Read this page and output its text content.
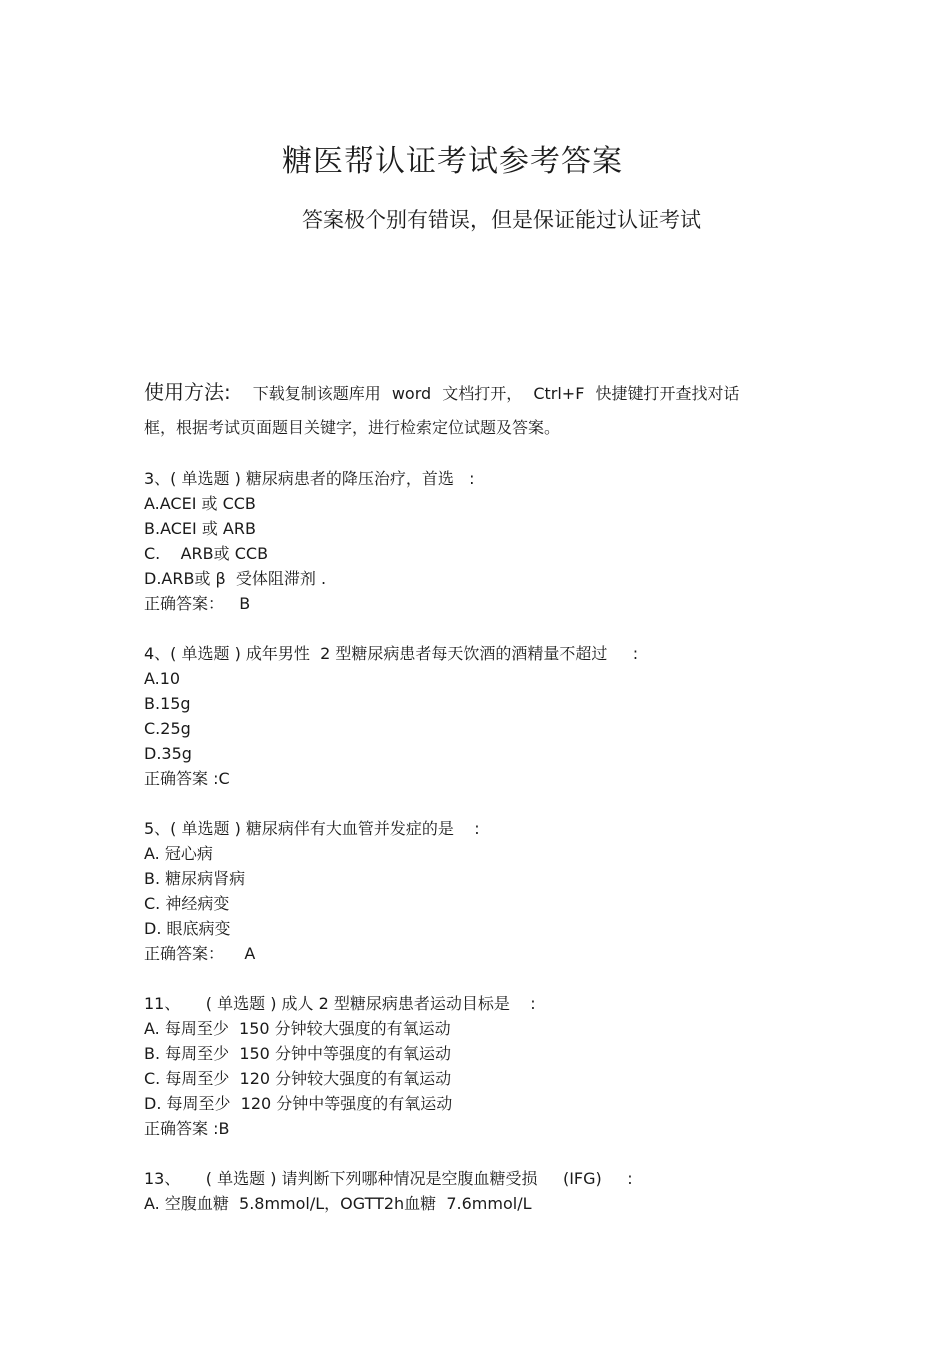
糖医帮认证考试参考答案
答案极个别有错误，但是保证能过认证考试
使用方法: 下载复制该题库用 word 文档打开， Ctrl+F 快捷键打开查找对话
框，根据考试页面题目关键字，进行检索定位试题及答案。
3、( 单选题 ) 糖尿病患者的降压治疗，首选   :
A.ACEI 或 CCB
B.ACEI 或 ARB
C.    ARB或 CCB
D.ARB或 β  受体阻滞剂 .
正确答案：   B
4、( 单选题 ) 成年男性  2 型糖尿病患者每天饮酒的酒精量不超过     :
A.10
B.15g
C.25g
D.35g
正确答案 :C
5、( 单选题 ) 糖尿病伴有大血管并发症的是    :
A. 冠心病
B. 糖尿病肾病
C. 神经病变
D. 眼底病变
正确答案：    A
11、     ( 单选题 ) 成人 2 型糖尿病患者运动目标是    :
A. 每周至少  150 分钟较大强度的有氧运动
B. 每周至少  150 分钟中等强度的有氧运动
C. 每周至少  120 分钟较大强度的有氧运动
D. 每周至少  120 分钟中等强度的有氧运动
正确答案 :B
13、     ( 单选题 ) 请判断下列哪种情况是空腹血糖受损     (IFG)     :
A. 空腹血糖  5.8mmol/L，OGTT2h血糖  7.6mmol/L
